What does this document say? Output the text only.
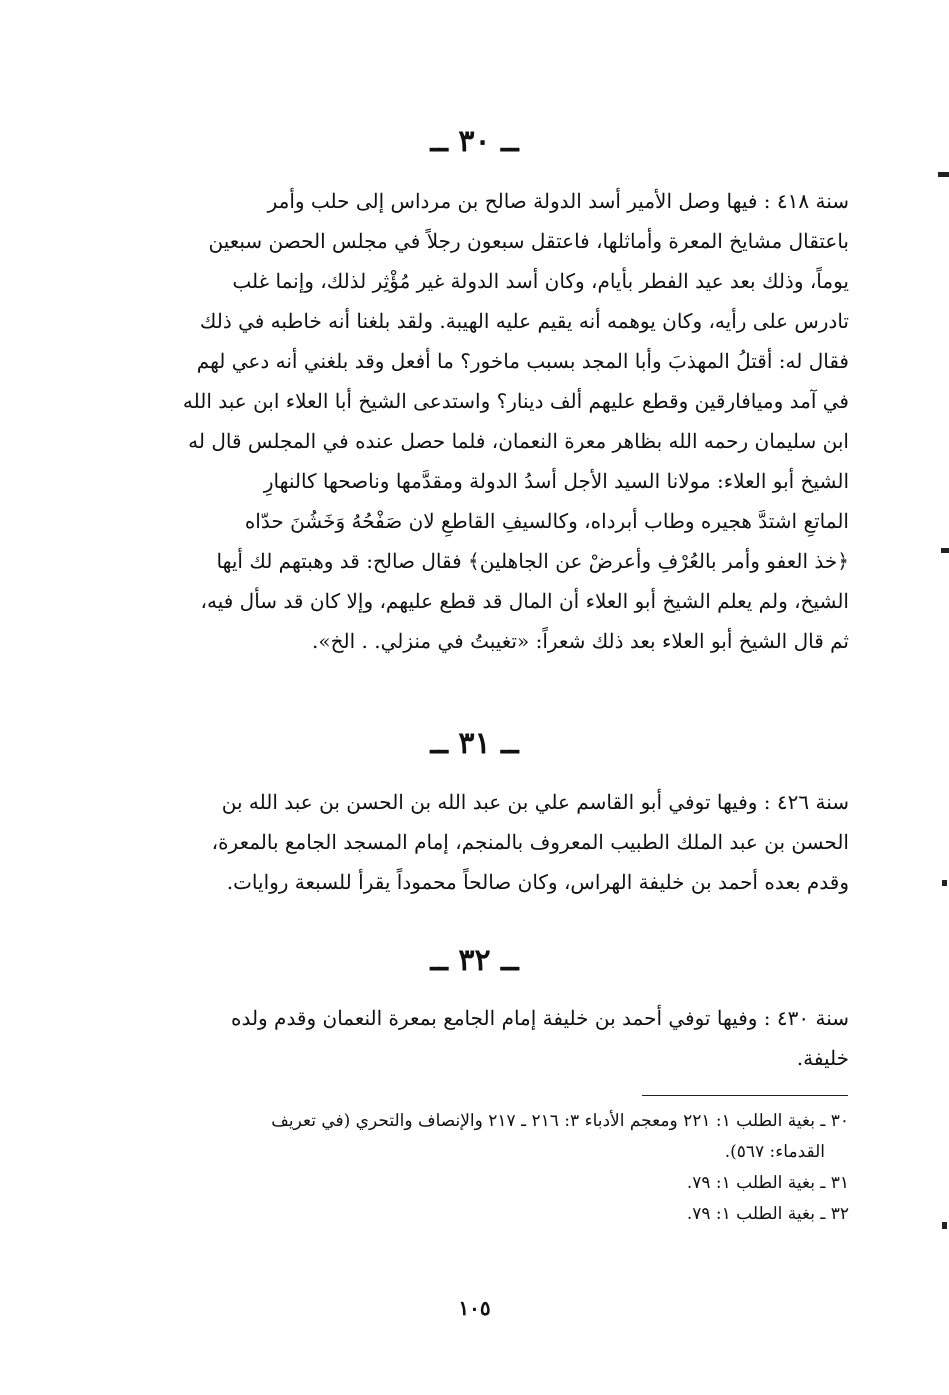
ــ ٣٠ ــ
سنة ٤١٨ : فيها وصل الأمير أسد الدولة صالح بن مرداس إلى حلب وأمر
باعتقال مشايخ المعرة وأماثلها، فاعتقل سبعون رجلاً في مجلس الحصن سبعين
يوماً، وذلك بعد عيد الفطر بأيام، وكان أسد الدولة غير مُؤْثِر لذلك، وإنما غلب
تادرس على رأيه، وكان يوهمه أنه يقيم عليه الهيبة. ولقد بلغنا أنه خاطبه في ذلك
فقال له: أقتلُ المهذبَ وأبا المجد بسبب ماخور؟ ما أفعل وقد بلغني أنه دعي لهم
في آمد وميافارقين وقطع عليهم ألف دينار؟ واستدعى الشيخ أبا العلاء ابن عبد الله
ابن سليمان رحمه الله بظاهر معرة النعمان، فلما حصل عنده في المجلس قال له
الشيخ أبو العلاء: مولانا السيد الأجل أسدُ الدولة ومقدَّمها وناصحها كالنهارِ
الماتعِ اشتدَّ هجيره وطاب أبرداه، وكالسيفِ القاطعِ لان صَفْحُهُ وَخَشُنَ حدّاه
﴿خذ العفو وأمر بالعُرْفِ وأعرضْ عن الجاهلين﴾ فقال صالح: قد وهبتهم لك أيها
الشيخ، ولم يعلم الشيخ أبو العلاء أن المال قد قطع عليهم، وإلا كان قد سأل فيه،
ثم قال الشيخ أبو العلاء بعد ذلك شعراً: «تغيبتُ في منزلي. . الخ».
ــ ٣١ ــ
سنة ٤٢٦ : وفيها توفي أبو القاسم علي بن عبد الله بن الحسن بن عبد الله بن
الحسن بن عبد الملك الطبيب المعروف بالمنجم، إمام المسجد الجامع بالمعرة،
وقدم بعده أحمد بن خليفة الهراس، وكان صالحاً محموداً يقرأ للسبعة روايات.
ــ ٣٢ ــ
سنة ٤٣٠ : وفيها توفي أحمد بن خليفة إمام الجامع بمعرة النعمان وقدم ولده
خليفة.
٣٠ ـ بغية الطلب ١: ٢٢١ ومعجم الأدباء ٣: ٢١٦ ـ ٢١٧ والإنصاف والتحري (في تعريف
القدماء: ٥٦٧).
٣١ ـ بغية الطلب ١: ٧٩.
٣٢ ـ بغية الطلب ١: ٧٩.
١٠٥
